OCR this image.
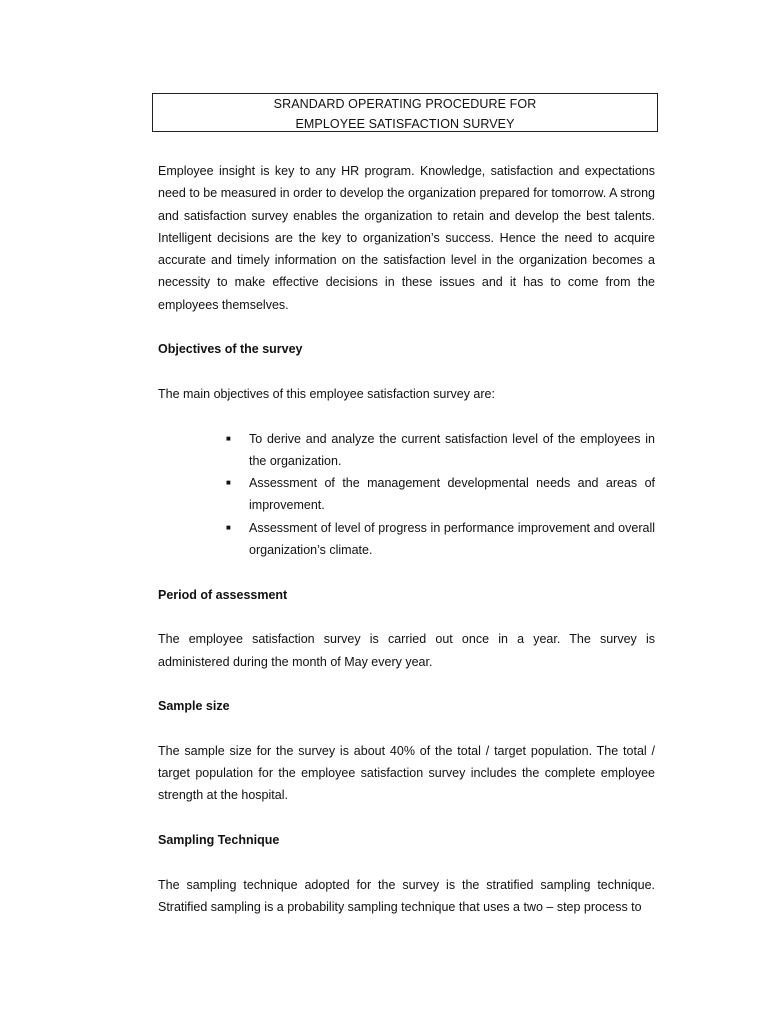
SRANDARD OPERATING PROCEDURE FOR
EMPLOYEE SATISFACTION SURVEY

Employee insight is key to any HR program. Knowledge, satisfaction and expectations need to be measured in order to develop the organization prepared for tomorrow. A strong and satisfaction survey enables the organization to retain and develop the best talents. Intelligent decisions are the key to organization’s success. Hence the need to acquire accurate and timely information on the satisfaction level in the organization becomes a necessity to make effective decisions in these issues and it has to come from the employees themselves.

Objectives of the survey

The main objectives of this employee satisfaction survey are:

■ To derive and analyze the current satisfaction level of the employees in the organization.
■ Assessment of the management developmental needs and areas of improvement.
■ Assessment of level of progress in performance improvement and overall organization’s climate.

Period of assessment

The employee satisfaction survey is carried out once in a year. The survey is administered during the month of May every year.

Sample size

The sample size for the survey is about 40% of the total / target population. The total / target population for the employee satisfaction survey includes the complete employee strength at the hospital.

Sampling Technique

The sampling technique adopted for the survey is the stratified sampling technique. Stratified sampling is a probability sampling technique that uses a two – step process to
